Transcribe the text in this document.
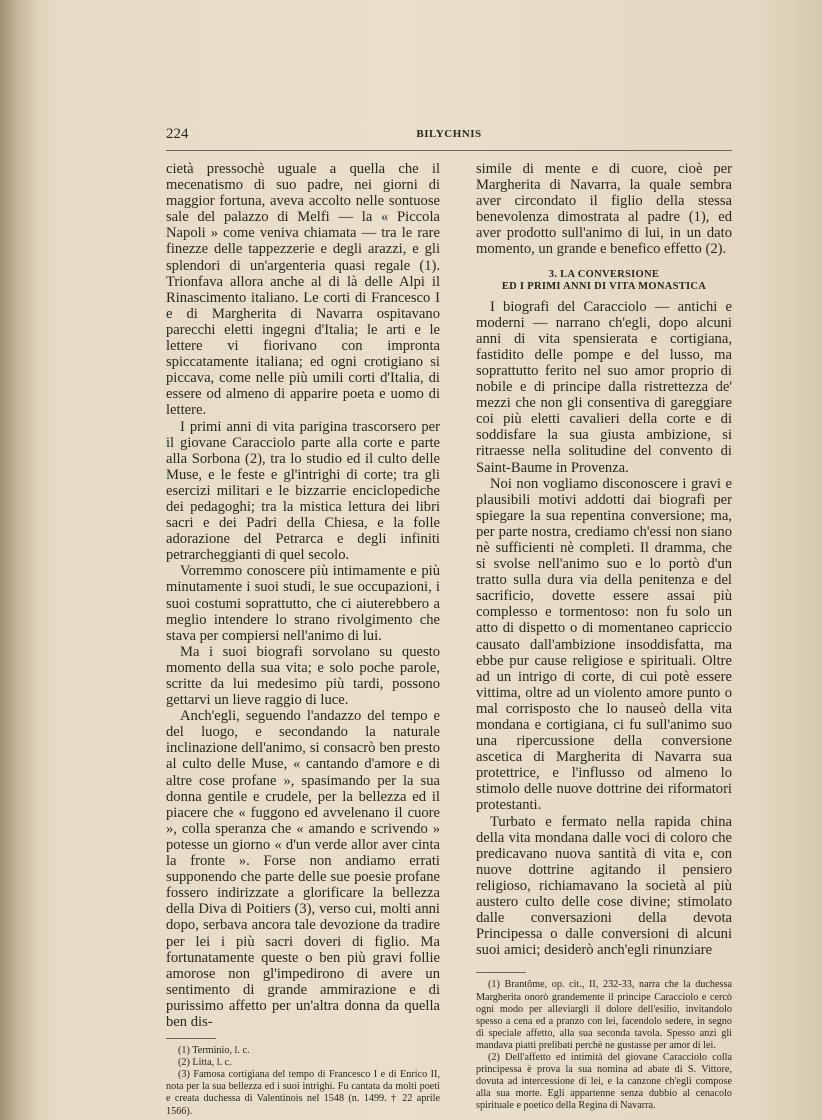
224	BILYCHNIS

cietà pressochè uguale a quella che il mecenatismo di suo padre, nei giorni di maggior fortuna, aveva accolto nelle sontuose sale del palazzo di Melfi — la « Piccola Napoli » come veniva chiamata — tra le rare finezze delle tappezzerie e degli arazzi, e gli splendori di un'argenteria quasi regale (1). Trionfava allora anche al di là delle Alpi il Rinascimento italiano. Le corti di Francesco I e di Margherita di Navarra ospitavano parecchi eletti ingegni d'Italia; le arti e le lettere vi fiorivano con impronta spiccatamente italiana; ed ogni crotigiano si piccava, come nelle più umili corti d'Italia, di essere od almeno di apparire poeta e uomo di lettere.

I primi anni di vita parigina trascorsero per il giovane Caracciolo parte alla corte e parte alla Sorbona (2), tra lo studio ed il culto delle Muse, e le feste e gl'intrighi di corte; tra gli esercizi militari e le bizzarrie enciclopediche dei pedagoghi; tra la mistica lettura dei libri sacri e dei Padri della Chiesa, e la folle adorazione del Petrarca e degli infiniti petrarcheggianti di quel secolo.

Vorremmo conoscere più intimamente e più minutamente i suoi studi, le sue occupazioni, i suoi costumi soprattutto, che ci aiuterebbero a meglio intendere lo strano rivolgimento che stava per compiersi nell'animo di lui.

Ma i suoi biografi sorvolano su questo momento della sua vita; e solo poche parole, scritte da lui medesimo più tardi, possono gettarvi un lieve raggio di luce.

Anch'egli, seguendo l'andazzo del tempo e del luogo, e secondando la naturale inclinazione dell'animo, si consacrò ben presto al culto delle Muse, « cantando d'amore e di altre cose profane », spasimando per la sua donna gentile e crudele, per la bellezza ed il piacere che « fuggono ed avvelenano il cuore », colla speranza che « amando e scrivendo » potesse un giorno « d'un verde allor aver cinta la fronte ». Forse non andiamo errati supponendo che parte delle sue poesie profane fossero indirizzate a glorificare la bellezza della Diva di Poitiers (3), verso cui, molti anni dopo, serbava ancora tale devozione da tradire per lei i più sacri doveri di figlio. Ma fortunatamente queste o ben più gravi follie amorose non gl'impedirono di avere un sentimento di grande ammirazione e di purissimo affetto per un'altra donna da quella ben dis-

(1) Terminio, l. c.

(2) Litta, l. c.

(3) Famosa cortigiana del tempo di Francesco I e di Enrico II, nota per la sua bellezza ed i suoi intrighi. Fu cantata da molti poeti e creata duchessa di Valentinois nel 1548 (n. 1499. † 22 aprile 1566).

simile di mente e di cuore, cioè per Margherita di Navarra, la quale sembra aver circondato il figlio della stessa benevolenza dimostrata al padre (1), ed aver prodotto sull'animo di lui, in un dato momento, un grande e benefico effetto (2).

3. LA CONVERSIONE
ED I PRIMI ANNI DI VITA MONASTICA

I biografi del Caracciolo — antichi e moderni — narrano ch'egli, dopo alcuni anni di vita spensierata e cortigiana, fastidito delle pompe e del lusso, ma soprattutto ferito nel suo amor proprio di nobile e di principe dalla ristrettezza de' mezzi che non gli consentiva di gareggiare coi più eletti cavalieri della corte e di soddisfare la sua giusta ambizione, si ritraesse nella solitudine del convento di Saint-Baume in Provenza.

Noi non vogliamo disconoscere i gravi e plausibili motivi addotti dai biografi per spiegare la sua repentina conversione; ma, per parte nostra, crediamo ch'essi non siano nè sufficienti nè completi. Il dramma, che si svolse nell'animo suo e lo portò d'un tratto sulla dura via della penitenza e del sacrificio, dovette essere assai più complesso e tormentoso: non fu solo un atto di dispetto o di momentaneo capriccio causato dall'ambizione insoddisfatta, ma ebbe pur cause religiose e spirituali. Oltre ad un intrigo di corte, di cui potè essere vittima, oltre ad un violento amore punto o mal corrisposto che lo nauseò della vita mondana e cortigiana, ci fu sull'animo suo una ripercussione della conversione ascetica di Margherita di Navarra sua protettrice, e l'influsso od almeno lo stimolo delle nuove dottrine dei riformatori protestanti.

Turbato e fermato nella rapida china della vita mondana dalle voci di coloro che predicavano nuova santità di vita e, con nuove dottrine agitando il pensiero religioso, richiamavano la società al più austero culto delle cose divine; stimolato dalle conversazioni della devota Principessa o dalle conversioni di alcuni suoi amici; desiderò anch'egli rinunziare

(1) Brantôme, op. cit., II, 232-33, narra che la duchessa Margherita onorò grandemente il principe Caracciolo e cercò ogni modo per alleviargli il dolore dell'esilio, invitandolo spesso a cena ed a pranzo con lei, facendolo sedere, in segno di speciale affetto, alla sua seconda tavola. Spesso anzi gli mandava piatti prelibati perchè ne gustasse per amor di lei.

(2) Dell'affetto ed intimità del giovane Caracciolo colla principessa è prova la sua nomina ad abate di S. Vittore, dovuta ad intercessione di lei, e la canzone ch'egli compose alla sua morte. Egli appartenne senza dubbio al cenacolo spirituale e poetico della Regina di Navarra.
